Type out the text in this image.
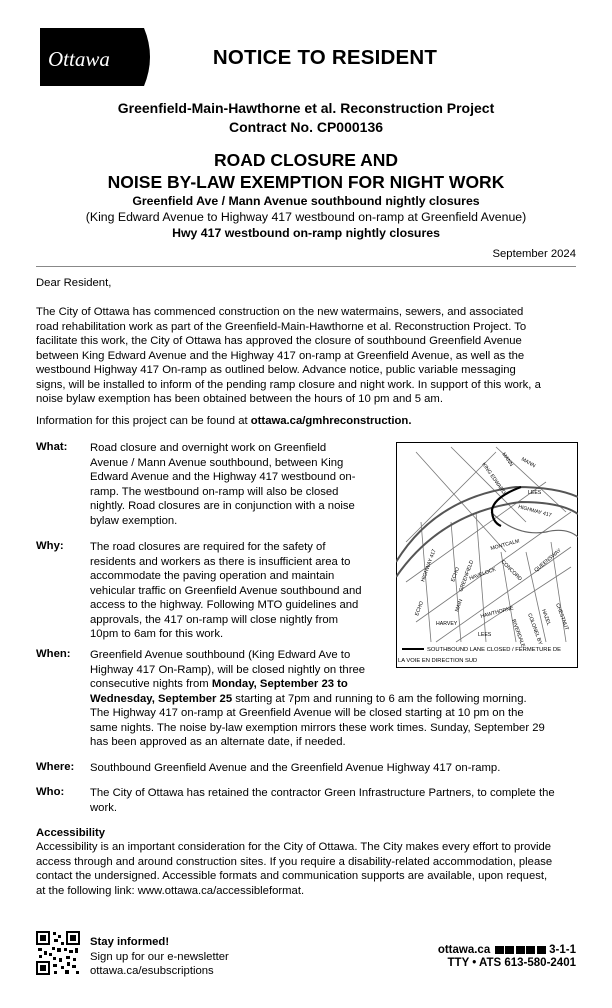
Ottawa	NOTICE TO RESIDENT
Greenfield-Main-Hawthorne et al. Reconstruction Project
Contract No. CP000136
ROAD CLOSURE AND
NOISE BY-LAW EXEMPTION FOR NIGHT WORK
Greenfield Ave / Mann Avenue southbound nightly closures
(King Edward Avenue to Highway 417 westbound on-ramp at Greenfield Avenue)
Hwy 417 westbound on-ramp nightly closures
September 2024
Dear Resident,
The City of Ottawa has commenced construction on the new watermains, sewers, and associated
road rehabilitation work as part of the Greenfield-Main-Hawthorne et al. Reconstruction Project. To
facilitate this work, the City of Ottawa has approved the closure of southbound Greenfield Avenue
between King Edward Avenue and the Highway 417 on-ramp at Greenfield Avenue, as well as the
westbound Highway 417 On-ramp as outlined below. Advance notice, public variable messaging
signs, will be installed to inform of the pending ramp closure and night work. In support of this work, a
noise bylaw exemption has been obtained between the hours of 10 pm and 5 am.
Information for this project can be found at ottawa.ca/gmhreconstruction.
What: Road closure and overnight work on Greenfield
Avenue / Mann Avenue southbound, between King
Edward Avenue and the Highway 417 westbound on-
ramp. The westbound on-ramp will also be closed
nightly. Road closures are in conjunction with a noise
bylaw exemption.
Why: The road closures are required for the safety of
residents and workers as there is insufficient area to
accommodate the paving operation and maintain
vehicular traffic on Greenfield Avenue southbound and
access to the highway. Following MTO guidelines and
approvals, the 417 on-ramp will close nightly from
10pm to 6am for this work.
KING EDWARD
MANN MANN
LEES
HIGHWAY 417
HIGHWAY 417
MONTCALM
QUEENSWAY
GREENFIELD
ECHO HAVELOCK CONCORD
HAWTHORNE
HARVEY
ECHO	MAIN
LEES	RIVERDALE COLONEL BY
HAZEL CHESTNUT
SOUTHBOUND LANE CLOSED / FERMETURE DE
LA VOIE EN DIRECTION SUD
When: Greenfield Avenue southbound (King Edward Ave to
Highway 417 On-Ramp), will be closed nightly on three
consecutive nights from Monday, September 23 to
Wednesday, September 25 starting at 7pm and running to 6 am the following morning.
The Highway 417 on-ramp at Greenfield Avenue will be closed starting at 10 pm on the
same nights. The noise by-law exemption mirrors these work times. Sunday, September 29
has been approved as an alternate date, if needed.
Where: Southbound Greenfield Avenue and the Greenfield Avenue Highway 417 on-ramp.
Who: The City of Ottawa has retained the contractor Green Infrastructure Partners, to complete the
work.
Accessibility
Accessibility is an important consideration for the City of Ottawa. The City makes every effort to provide
access through and around construction sites. If you require a disability-related accommodation, please
contact the undersigned. Accessible formats and communication supports are available, upon request,
at the following link: www.ottawa.ca/accessibleformat.
Stay informed!
Sign up for our e-newsletter
ottawa.ca/esubscriptions
ottawa.ca	3-1-1
TTY • ATS 613-580-2401
